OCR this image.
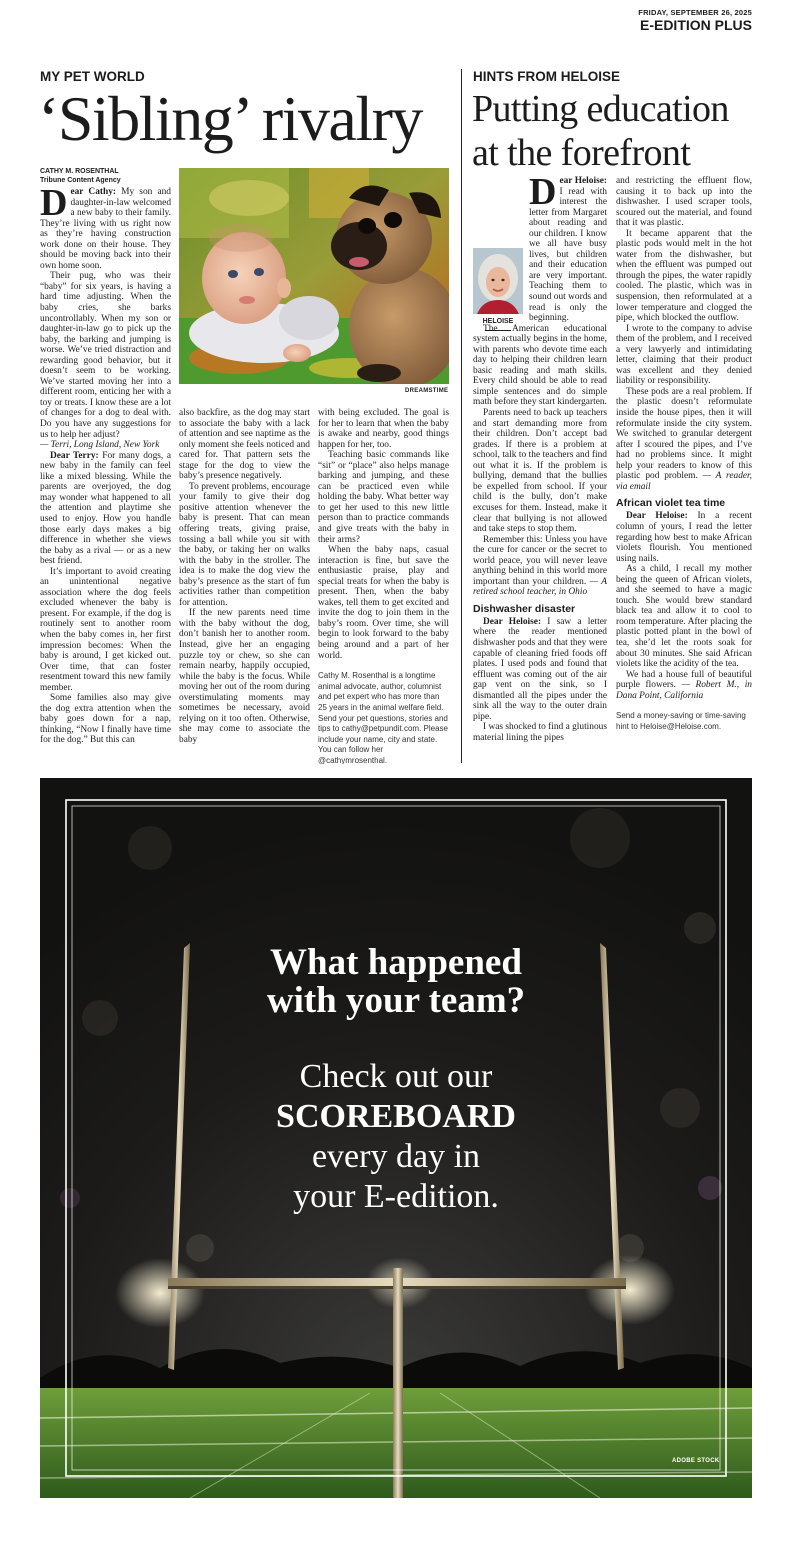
FRIDAY, SEPTEMBER 26, 2025
E-EDITION PLUS
MY PET WORLD
‘Sibling’ rivalry
CATHY M. ROSENTHAL
Tribune Content Agency
DREAMSTIME
D ear Cathy: My son and daughter-in-law welcomed a new baby to their family. They’re living with us right now as they’re having construction work done on their house. They should be moving back into their own home soon.

Their pug, who was their “baby” for six years, is having a hard time adjusting. When the baby cries, she barks uncontrollably. When my son or daughter-in-law go to pick up the baby, the barking and jumping is worse. We’ve tried distraction and rewarding good behavior, but it doesn’t seem to be working. We’ve started moving her into a different room, enticing her with a toy or treats. I know these are a lot of changes for a dog to deal with. Do you have any suggestions for us to help her adjust?

— Terri, Long Island, New York

Dear Terry: For many dogs, a new baby in the family can feel like a mixed blessing. While the parents are overjoyed, the dog may wonder what happened to all the attention and playtime she used to enjoy. How you handle those early days makes a big difference in whether she views the baby as a rival — or as a new best friend.

It’s important to avoid creating an unintentional negative association where the dog feels excluded whenever the baby is present. For example, if the dog is routinely sent to another room when the baby comes in, her first impression becomes: When the baby is around, I get kicked out. Over time, that can foster resentment toward this new family member.

Some families also may give the dog extra attention when the baby goes down for a nap, thinking, “Now I finally have time for the dog.” But this can

also backfire, as the dog may start to associate the baby with a lack of attention and see naptime as the only moment she feels noticed and cared for. That pattern sets the stage for the dog to view the baby’s presence negatively.

To prevent problems, encourage your family to give their dog positive attention whenever the baby is present. That can mean offering treats, giving praise, tossing a ball while you sit with the baby, or taking her on walks with the baby in the stroller. The idea is to make the dog view the baby’s presence as the start of fun activities rather than competition for attention.

If the new parents need time with the baby without the dog, don’t banish her to another room. Instead, give her an engaging puzzle toy or chew, so she can remain nearby, happily occupied, while the baby is the focus. While moving her out of the room during overstimulating moments may sometimes be necessary, avoid relying on it too often. Otherwise, she may come to associate the baby

with being excluded. The goal is for her to learn that when the baby is awake and nearby, good things happen for her, too.

Teaching basic commands like “sit” or “place” also helps manage barking and jumping, and these can be practiced even while holding the baby. What better way to get her used to this new little person than to practice commands and give treats with the baby in their arms?

When the baby naps, casual interaction is fine, but save the enthusiastic praise, play and special treats for when the baby is present. Then, when the baby wakes, tell them to get excited and invite the dog to join them in the baby’s room. Over time, she will begin to look forward to the baby being around and a part of her world.

Cathy M. Rosenthal is a longtime animal advocate, author, columnist and pet expert who has more than 25 years in the animal welfare field. Send your pet questions, stories and tips to cathy@petpundit.com. Please include your name, city and state. You can follow her @cathymrosenthal.

HINTS FROM HELOISE
Putting education
at the forefront
HELOISE
D ear Heloise: I read with interest the letter from Margaret about reading and our children. I know we all have busy lives, but children and their education are very important. Teaching them to sound out words and read is only the beginning.

The American educational system actually begins in the home, with parents who devote time each day to helping their children learn basic reading and math skills. Every child should be able to read simple sentences and do simple math before they start kindergarten.

Parents need to back up teachers and start demanding more from their children. Don’t accept bad grades. If there is a problem at school, talk to the teachers and find out what it is. If the problem is bullying, demand that the bullies be expelled from school. If your child is the bully, don’t make excuses for them. Instead, make it clear that bullying is not allowed and take steps to stop them.

Remember this: Unless you have the cure for cancer or the secret to world peace, you will never leave anything behind in this world more important than your children. — A retired school teacher, in Ohio

Dishwasher disaster

Dear Heloise: I saw a letter where the reader mentioned dishwasher pods and that they were capable of cleaning fried foods off plates. I used pods and found that effluent was coming out of the air gap vent on the sink, so I dismantled all the pipes under the sink all the way to the outer drain pipe.

I was shocked to find a glutinous material lining the pipes

and restricting the effluent flow, causing it to back up into the dishwasher. I used scraper tools, scoured out the material, and found that it was plastic.

It became apparent that the plastic pods would melt in the hot water from the dishwasher, but when the effluent was pumped out through the pipes, the water rapidly cooled. The plastic, which was in suspension, then reformulated at a lower temperature and clogged the pipe, which blocked the outflow.

I wrote to the company to advise them of the problem, and I received a very lawyerly and intimidating letter, claiming that their product was excellent and they denied liability or responsibility.

These pods are a real problem. If the plastic doesn’t reformulate inside the house pipes, then it will reformulate inside the city system. We switched to granular detergent after I scoured the pipes, and I’ve had no problems since. It might help your readers to know of this plastic pod problem. — A reader, via email

African violet tea time

Dear Heloise: In a recent column of yours, I read the letter regarding how best to make African violets flourish. You mentioned using nails.

As a child, I recall my mother being the queen of African violets, and she seemed to have a magic touch. She would brew standard black tea and allow it to cool to room temperature. After placing the plastic potted plant in the bowl of tea, she’d let the roots soak for about 30 minutes. She said African violets like the acidity of the tea.

We had a house full of beautiful purple flowers. — Robert M., in Dana Point, California

Send a money-saving or time-saving hint to Heloise@Heloise.com.

What happened
with your team?
Check out our
SCOREBOARD
every day in
your E-edition.
ADOBE STOCK
